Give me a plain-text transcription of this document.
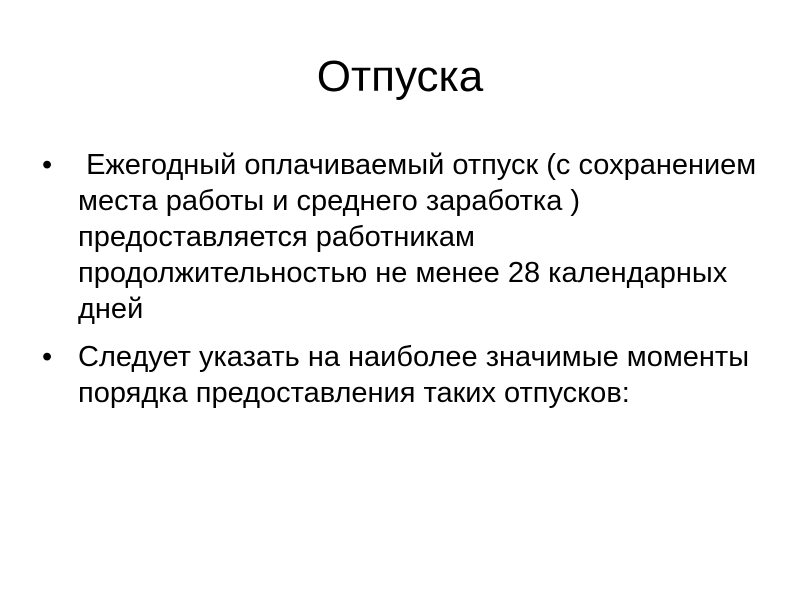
Отпуска
• Ежегодный оплачиваемый отпуск (с сохранением места работы и среднего заработка ) предоставляется работникам продолжительностью не менее 28 календарных дней
• Следует указать на наиболее значимые моменты порядка предоставления таких отпусков:
